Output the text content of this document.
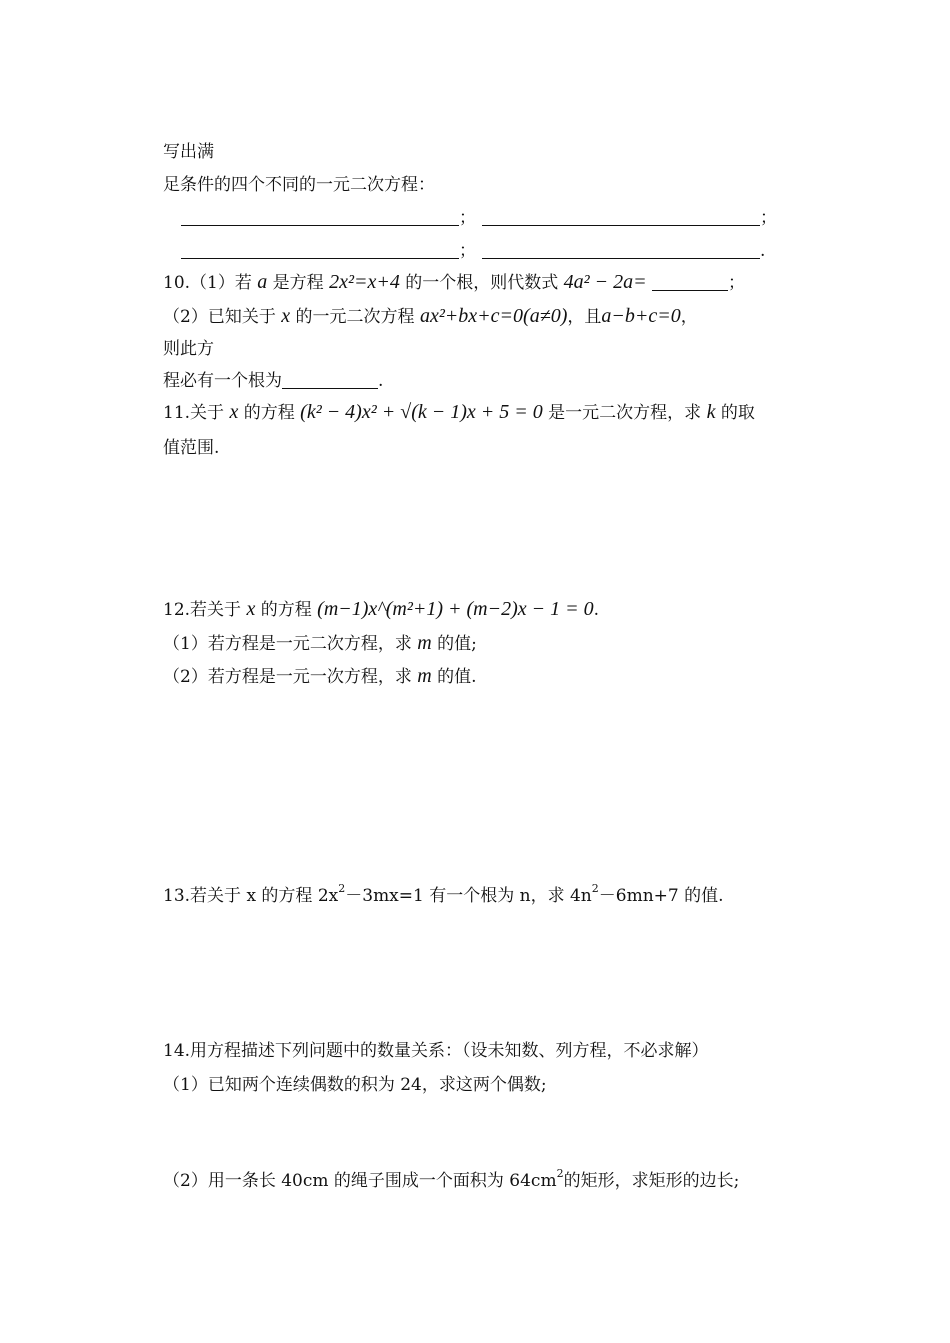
写出满
足条件的四个不同的一元二次方程：
；	；
；	.
10.（1）若 a 是方程 2x²=x+4 的一个根，则代数式 4a² − 2a=	；
（2）已知关于 x 的一元二次方程 ax²+bx+c=0(a≠0)，且a−b+c=0，
则此方
程必有一个根为	.
11.关于 x 的方程 (k² − 4)x² + √(k − 1)x + 5 = 0 是一元二次方程，求 k 的取
值范围.
12.若关于 x 的方程 (m−1)x^(m²+1) + (m−2)x − 1 = 0.
（1）若方程是一元二次方程，求 m 的值;
（2）若方程是一元一次方程，求 m 的值.
13.若关于 x 的方程 $2x^2-3mx=1$ 有一个根为 n，求 $4n^2-6mn+7$ 的值.
14.用方程描述下列问题中的数量关系：（设未知数、列方程，不必求解）
（1）已知两个连续偶数的积为 24，求这两个偶数;
（2）用一条长 40cm 的绳子围成一个面积为 $64cm^2$的矩形，求矩形的边长;
